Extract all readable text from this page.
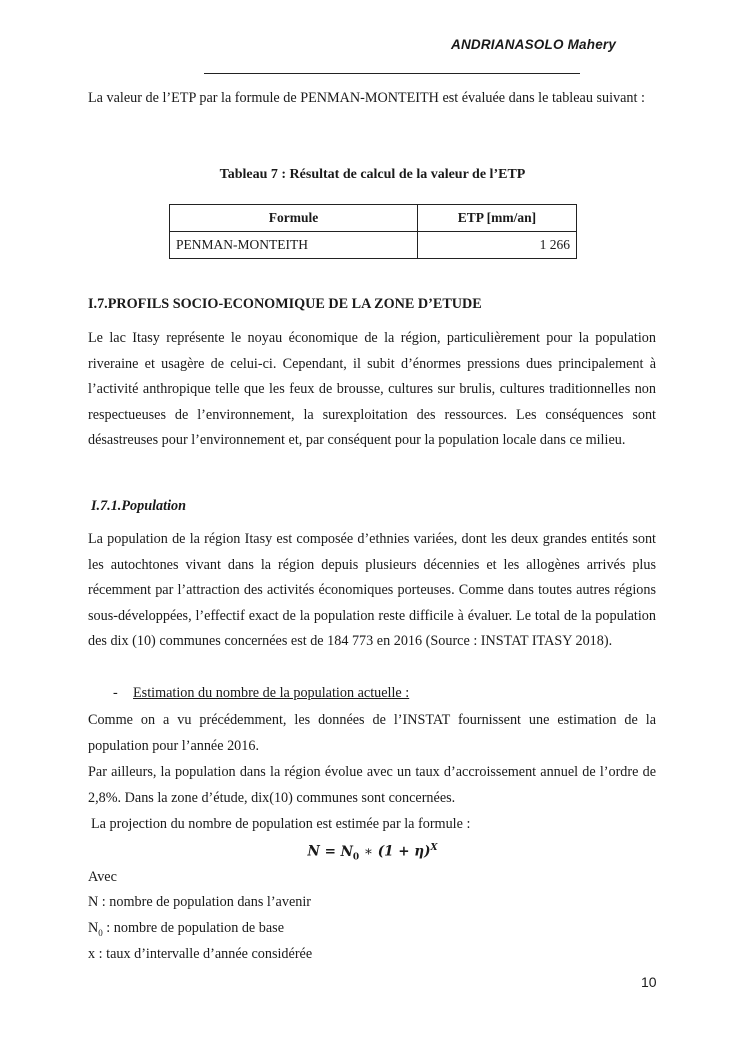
ANDRIANASOLO Mahery

La valeur de l’ETP par la formule de PENMAN-MONTEITH est évaluée dans le tableau suivant :

Tableau 7 : Résultat de calcul de la valeur de l’ETP
Formule	ETP [mm/an]
PENMAN-MONTEITH	1 266
I.7.PROFILS SOCIO-ECONOMIQUE DE LA ZONE D’ETUDE

Le lac Itasy représente le noyau économique de la région, particulièrement pour la population riveraine et usagère de celui-ci. Cependant, il subit d’énormes pressions dues principalement à l’activité anthropique telle que les feux de brousse, cultures sur brulis, cultures traditionnelles non respectueuses de l’environnement, la surexploitation des ressources. Les conséquences sont désastreuses pour l’environnement et, par conséquent pour la population locale dans ce milieu.

I.7.1.Population

La population de la région Itasy est composée d’ethnies variées, dont les deux grandes entités sont les autochtones vivant dans la région depuis plusieurs décennies et les allogènes arrivés plus récemment par l’attraction des activités économiques porteuses. Comme dans toutes autres régions sous-développées, l’effectif exact de la population reste difficile à évaluer. Le total de la population des dix (10) communes concernées est de 184 773 en 2016 (Source : INSTAT ITASY 2018).

- Estimation du nombre de la population actuelle :

Comme on a vu précédemment, les données de l’INSTAT fournissent une estimation de la population pour l’année 2016.

Par ailleurs, la population dans la région évolue avec un taux d’accroissement annuel de l’ordre de 2,8%. Dans la zone d’étude, dix(10) communes sont concernées.

La projection du nombre de population est estimée par la formule :
$N = N_0$ ∗ $(1 + \eta)^X$
Avec
N : nombre de population dans l’avenir
$N_0$ : nombre de population de base
x : taux d’intervalle d’année considérée
10
